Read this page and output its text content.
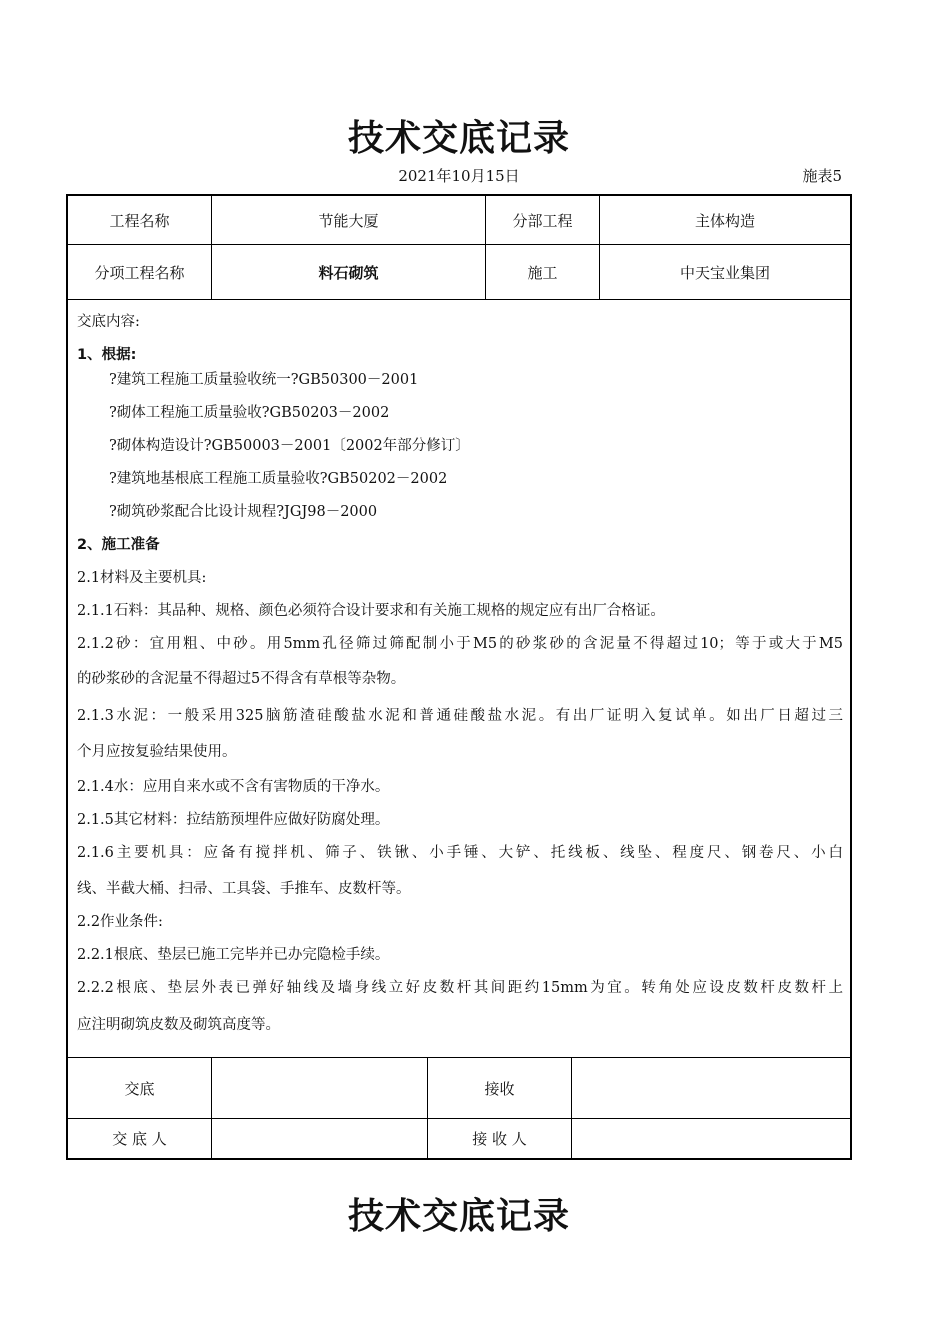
技术交底记录
2021年10月15日	施表5
工程名称	节能大厦	分部工程	主体构造
分项工程名称	料石砌筑	施工	中天宝业集团
交底内容:
1、根据:
?建筑工程施工质量验收统一?GB50300－2001
?砌体工程施工质量验收?GB50203－2002
?砌体构造设计?GB50003－2001〔2002年部分修订〕
?建筑地基根底工程施工质量验收?GB50202－2002
?砌筑砂浆配合比设计规程?JGJ98－2000
2、施工准备
2.1材料及主要机具:
2.1.1石料：其品种、规格、颜色必须符合设计要求和有关施工规格的规定应有出厂合格证。
2.1.2砂：宜用粗、中砂。用5mm孔径筛过筛配制小于M5的砂浆砂的含泥量不得超过10；等于或大于M5
的砂浆砂的含泥量不得超过5不得含有草根等杂物。
2.1.3水泥：一般采用325脑筋渣硅酸盐水泥和普通硅酸盐水泥。有出厂证明入复试单。如出厂日超过三
个月应按复验结果使用。
2.1.4水：应用自来水或不含有害物质的干净水。
2.1.5其它材料：拉结筋预埋件应做好防腐处理。
2.1.6主要机具：应备有搅拌机、筛子、铁锹、小手锤、大铲、托线板、线坠、程度尺、钢卷尺、小白
线、半截大桶、扫帚、工具袋、手推车、皮数杆等。
2.2作业条件:
2.2.1根底、垫层已施工完毕并已办完隐检手续。
2.2.2根底、垫层外表已弹好轴线及墙身线立好皮数杆其间距约15mm为宜。转角处应设皮数杆皮数杆上
应注明砌筑皮数及砌筑高度等。
交底	接收
交 底 人	接 收 人
技术交底记录
